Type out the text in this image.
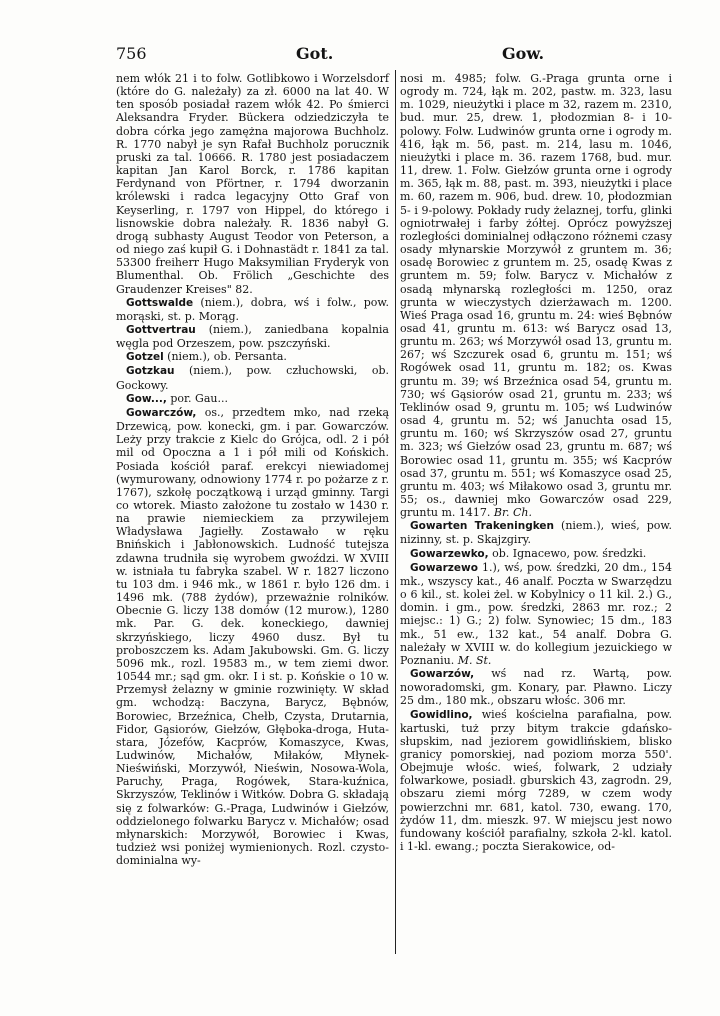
756	Got.	Gow.

nem włók 21 i to folw. Gotlibkowo i Worzelsdorf (które do G. należały) za zł. 6000 na lat 40. W ten sposób posiadał razem włók 42. Po śmierci Aleksandra Fryder. Bückera odziedziczyła te dobra córka jego zamężna majorowa Buchholz. R. 1770 nabył je syn Rafał Buchholz porucznik pruski za tal. 10666. R. 1780 jest posiadaczem kapitan Jan Karol Borck, r. 1786 kapitan Ferdynand von Pförtner, r. 1794 dworzanin królewski i radca legacyjny Otto Graf von Keyserling, r. 1797 von Hippel, do którego i lisnowskie dobra należały. R. 1836 nabył G. drogą subhasty August Teodor von Peterson, a od niego zaś kupił G. i Dohnastädt r. 1841 za tal. 53300 freiherr Hugo Maksymilian Fryderyk von Blumenthal. Ob. Frölich „Geschichte des Graudenzer Kreises" 82.

Gottswalde (niem.), dobra, wś i folw., pow. morąski, st. p. Morąg.

Gottvertrau (niem.), zaniedbana kopalnia węgla pod Orzeszem, pow. pszczyński.

Gotzel (niem.), ob. Persanta.

Gotzkau (niem.), pow. człuchowski, ob. Gockowy.

Gow..., por. Gau...

Gowarczów, os., przedtem mko, nad rzeką Drzewicą, pow. konecki, gm. i par. Gowarczów. Leży przy trakcie z Kielc do Grójca, odl. 2 i pół mil od Opoczna a 1 i pół mili od Końskich. Posiada kościół paraf. erekcyi niewiadomej (wymurowany, odnowiony 1774 r. po pożarze z r. 1767), szkołę początkową i urząd gminny. Targi co wtorek. Miasto założone tu zostało w 1430 r. na prawie niemieckiem za przywilejem Władysława Jagiełły. Zostawało w ręku Bnińskich i Jabłonowskich. Ludność tutejsza zdawna trudniła się wyrobem gwoździ. W XVIII w. istniała tu fabryka szabel. W r. 1827 liczono tu 103 dm. i 946 mk., w 1861 r. było 126 dm. i 1496 mk. (788 żydów), przeważnie rolników. Obecnie G. liczy 138 domów (12 murow.), 1280 mk. Par. G. dek. koneckiego, dawniej skrzyńskiego, liczy 4960 dusz. Był tu proboszczem ks. Adam Jakubowski. Gm. G. liczy 5096 mk., rozl. 19583 m., w tem ziemi dwor. 10544 mr.; sąd gm. okr. I i st. p. Końskie o 10 w. Przemysł żelazny w gminie rozwinięty. W skład gm. wchodzą: Baczyna, Barycz, Bębnów, Borowiec, Brzeźnica, Chełb, Czysta, Drutarnia, Fidor, Gąsiorów, Giełzów, Głęboka-droga, Huta-stara, Józefów, Kacprów, Komaszyce, Kwas, Ludwinów, Michałów, Miłaków, Młynek-Nieświński, Morzywół, Nieświn, Nosowa-Wola, Paruchy, Praga, Rogówek, Stara-kuźnica, Skrzyszów, Teklinów i Witków. Dobra G. składają się z folwarków: G.-Praga, Ludwinów i Giełzów, oddzielonego folwarku Barycz v. Michałów; osad młynarskich: Morzywół, Borowiec i Kwas, tudzież wsi poniżej wymienionych. Rozl. czysto-dominialna wy-

nosi m. 4985; folw. G.-Praga grunta orne i ogrody m. 724, łąk m. 202, pastw. m. 323, lasu m. 1029, nieużytki i place m 32, razem m. 2310, bud. mur. 25, drew. 1, płodozmian 8- i 10-polowy. Folw. Ludwinów grunta orne i ogrody m. 416, łąk m. 56, past. m. 214, lasu m. 1046, nieużytki i place m. 36. razem 1768, bud. mur. 11, drew. 1. Folw. Giełzów grunta orne i ogrody m. 365, łąk m. 88, past. m. 393, nieużytki i place m. 60, razem m. 906, bud. drew. 10, płodozmian 5- i 9-polowy. Pokłady rudy żelaznej, torfu, glinki ogniotrwałej i farby żółtej. Oprócz powyższej rozległości dominialnej odłączono różnemi czasy osady młynarskie Morzywół z gruntem m. 36; osadę Borowiec z gruntem m. 25, osadę Kwas z gruntem m. 59; folw. Barycz v. Michałów z osadą młynarską rozległości m. 1250, oraz grunta w wieczystych dzierżawach m. 1200. Wieś Praga osad 16, gruntu m. 24: wieś Bębnów osad 41, gruntu m. 613: wś Barycz osad 13, gruntu m. 263; wś Morzywół osad 13, gruntu m. 267; wś Szczurek osad 6, gruntu m. 151; wś Rogówek osad 11, gruntu m. 182; os. Kwas gruntu m. 39; wś Brzeźnica osad 54, gruntu m. 730; wś Gąsiorów osad 21, gruntu m. 233; wś Teklinów osad 9, gruntu m. 105; wś Ludwinów osad 4, gruntu m. 52; wś Januchta osad 15, gruntu m. 160; wś Skrzyszów osad 27, gruntu m. 323; wś Giełzów osad 23, gruntu m. 687; wś Borowiec osad 11, gruntu m. 355; wś Kacprów osad 37, gruntu m. 551; wś Komaszyce osad 25, gruntu m. 403; wś Miłakowo osad 3, gruntu mr. 55; os., dawniej mko Gowarczów osad 229, gruntu m. 1417. Br. Ch.

Gowarten Trakeningken (niem.), wieś, pow. nizinny, st. p. Skajzgiry.

Gowarzewko, ob. Ignacewo, pow. średzki.

Gowarzewo 1.), wś, pow. średzki, 20 dm., 154 mk., wszyscy kat., 46 analf. Poczta w Swarzędzu o 6 kil., st. kolei żel. w Kobylnicy o 11 kil. 2.) G., domin. i gm., pow. średzki, 2863 mr. roz.; 2 miejsc.: 1) G.; 2) folw. Synowiec; 15 dm., 183 mk., 51 ew., 132 kat., 54 analf. Dobra G. należały w XVIII w. do kollegium jezuickiego w Poznaniu. M. St.

Gowarzów, wś nad rz. Wartą, pow. noworadomski, gm. Konary, par. Pławno. Liczy 25 dm., 180 mk., obszaru włośc. 306 mr.

Gowidlino, wieś kościelna parafialna, pow. kartuski, tuż przy bitym trakcie gdańsko-słupskim, nad jeziorem gowidlińskiem, blisko granicy pomorskiej, nad poziom morza 550'. Obejmuje włośc. wieś, folwark, 2 udziały folwarkowe, posiadł. gburskich 43, zagrodn. 29, obszaru ziemi mórg 7289, w czem wody powierzchni mr. 681, katol. 730, ewang. 170, żydów 11, dm. mieszk. 97. W miejscu jest nowo fundowany kościół parafialny, szkoła 2-kl. katol. i 1-kl. ewang.; poczta Sierakowice, od-
